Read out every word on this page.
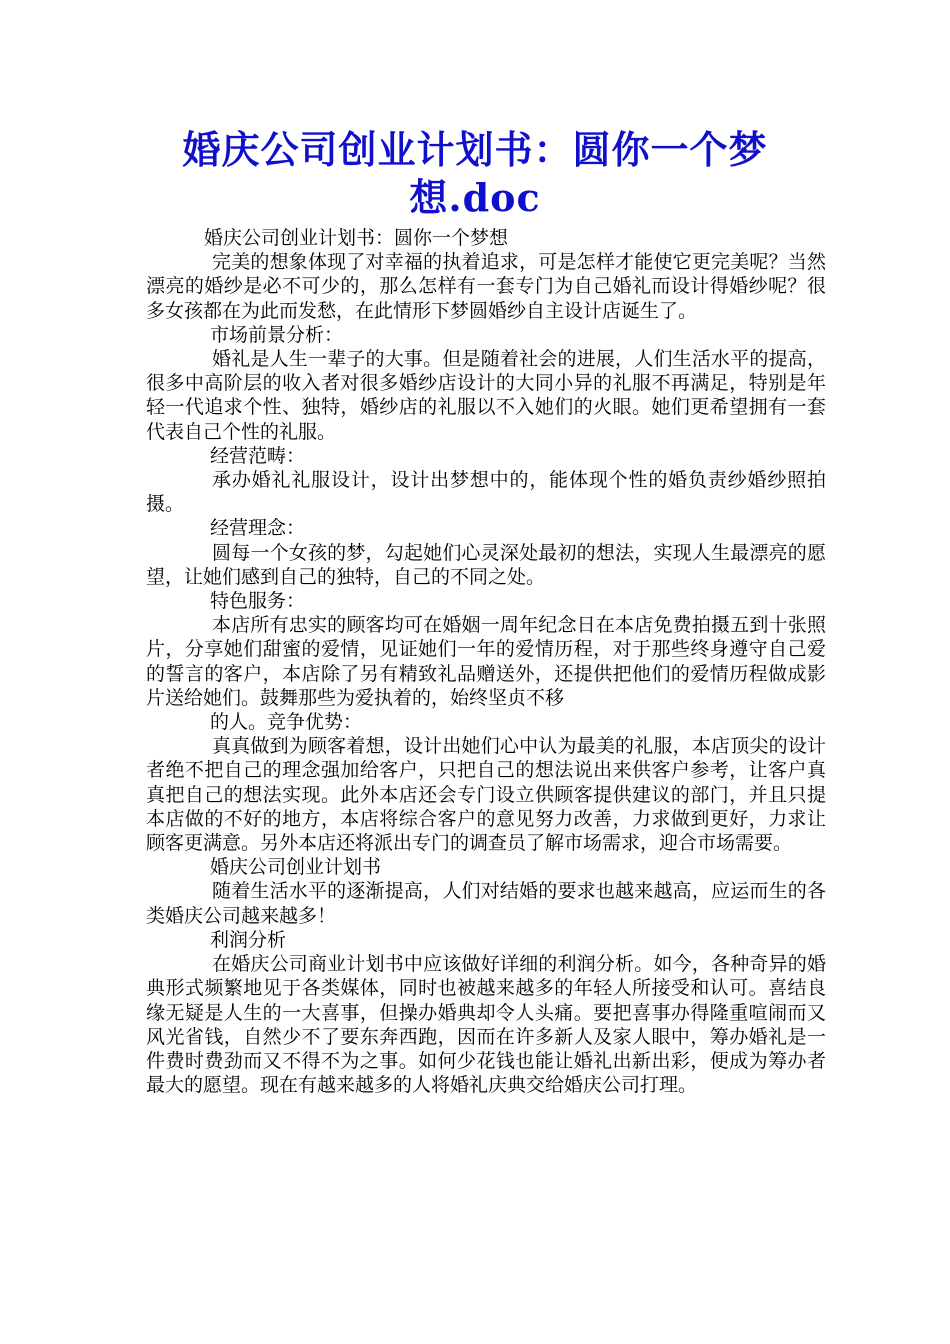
婚庆公司创业计划书：圆你一个梦想.doc

婚庆公司创业计划书：圆你一个梦想

完美的想象体现了对幸福的执着追求，可是怎样才能使它更完美呢？当然漂亮的婚纱是必不可少的，那么怎样有一套专门为自己婚礼而设计得婚纱呢？很多女孩都在为此而发愁，在此情形下梦圆婚纱自主设计店诞生了。

市场前景分析：

婚礼是人生一辈子的大事。但是随着社会的进展，人们生活水平的提高，很多中高阶层的收入者对很多婚纱店设计的大同小异的礼服不再满足，特别是年轻一代追求个性、独特，婚纱店的礼服以不入她们的火眼。她们更希望拥有一套代表自己个性的礼服。

经营范畴：

承办婚礼礼服设计，设计出梦想中的，能体现个性的婚负责纱婚纱照拍摄。

经营理念：

圆每一个女孩的梦，勾起她们心灵深处最初的想法，实现人生最漂亮的愿望，让她们感到自己的独特，自己的不同之处。

特色服务：

本店所有忠实的顾客均可在婚姻一周年纪念日在本店免费拍摄五到十张照片，分享她们甜蜜的爱情，见证她们一年的爱情历程，对于那些终身遵守自己爱的誓言的客户，本店除了另有精致礼品赠送外，还提供把他们的爱情历程做成影片送给她们。鼓舞那些为爱执着的，始终坚贞不移

的人。竞争优势：

真真做到为顾客着想，设计出她们心中认为最美的礼服，本店顶尖的设计者绝不把自己的理念强加给客户，只把自己的想法说出来供客户参考，让客户真真把自己的想法实现。此外本店还会专门设立供顾客提供建议的部门，并且只提本店做的不好的地方，本店将综合客户的意见努力改善，力求做到更好，力求让顾客更满意。另外本店还将派出专门的调查员了解市场需求，迎合市场需要。

婚庆公司创业计划书

随着生活水平的逐渐提高，人们对结婚的要求也越来越高，应运而生的各类婚庆公司越来越多！

利润分析

在婚庆公司商业计划书中应该做好详细的利润分析。如今，各种奇异的婚典形式频繁地见于各类媒体，同时也被越来越多的年轻人所接受和认可。喜结良缘无疑是人生的一大喜事，但操办婚典却令人头痛。要把喜事办得隆重喧闹而又风光省钱，自然少不了要东奔西跑，因而在许多新人及家人眼中，筹办婚礼是一件费时费劲而又不得不为之事。如何少花钱也能让婚礼出新出彩，便成为筹办者最大的愿望。现在有越来越多的人将婚礼庆典交给婚庆公司打理。
